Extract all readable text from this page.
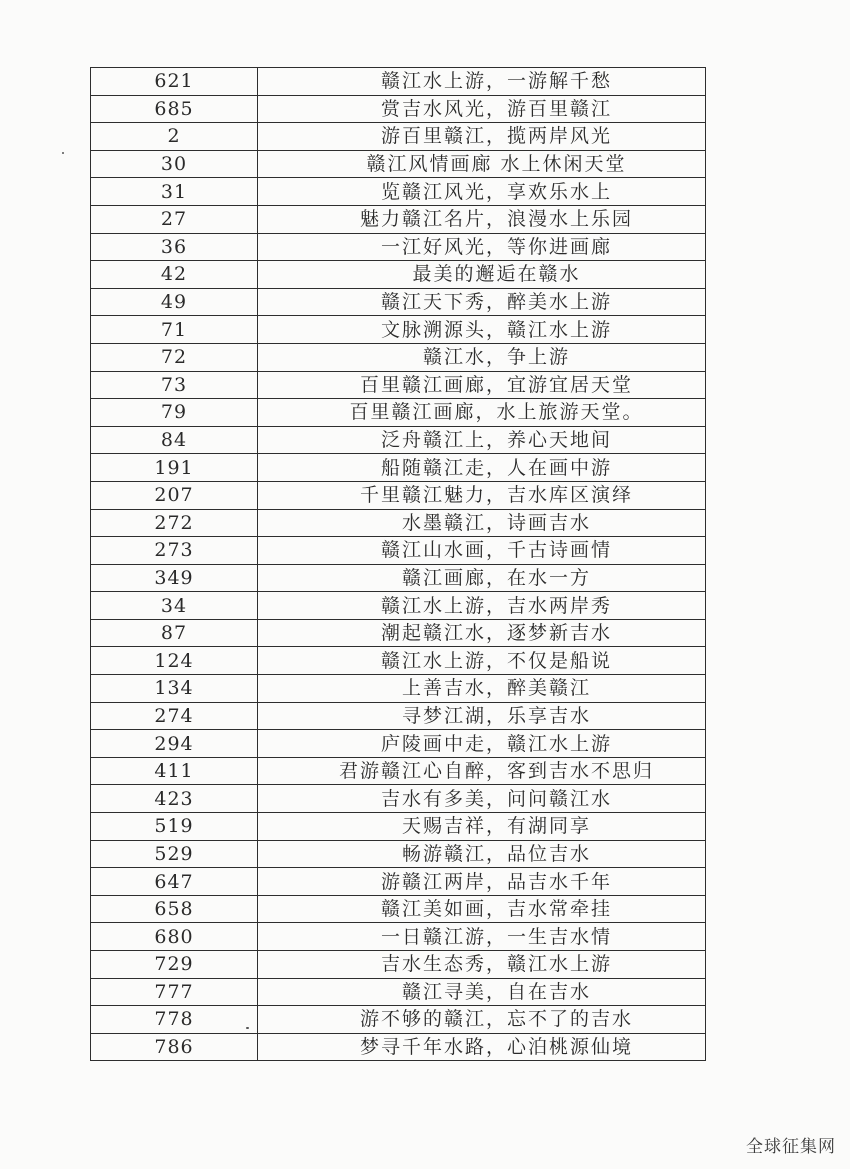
621	赣江水上游，一游解千愁
685	赏吉水风光，游百里赣江
2	游百里赣江，揽两岸风光
30	赣江风情画廊 水上休闲天堂
31	览赣江风光，享欢乐水上
27	魅力赣江名片，浪漫水上乐园
36	一江好风光，等你进画廊
42	最美的邂逅在赣水
49	赣江天下秀，醉美水上游
71	文脉溯源头，赣江水上游
72	赣江水，争上游
73	百里赣江画廊，宜游宜居天堂
79	百里赣江画廊，水上旅游天堂。
84	泛舟赣江上，养心天地间
191	船随赣江走，人在画中游
207	千里赣江魅力，吉水库区演绎
272	水墨赣江，诗画吉水
273	赣江山水画，千古诗画情
349	赣江画廊，在水一方
34	赣江水上游，吉水两岸秀
87	潮起赣江水，逐梦新吉水
124	赣江水上游，不仅是船说
134	上善吉水，醉美赣江
274	寻梦江湖，乐享吉水
294	庐陵画中走，赣江水上游
411	君游赣江心自醉，客到吉水不思归
423	吉水有多美，问问赣江水
519	天赐吉祥，有湖同享
529	畅游赣江，品位吉水
647	游赣江两岸，品吉水千年
658	赣江美如画，吉水常牵挂
680	一日赣江游，一生吉水情
729	吉水生态秀，赣江水上游
777	赣江寻美，自在吉水
778	游不够的赣江，忘不了的吉水
786	梦寻千年水路，心泊桃源仙境
全球征集网
